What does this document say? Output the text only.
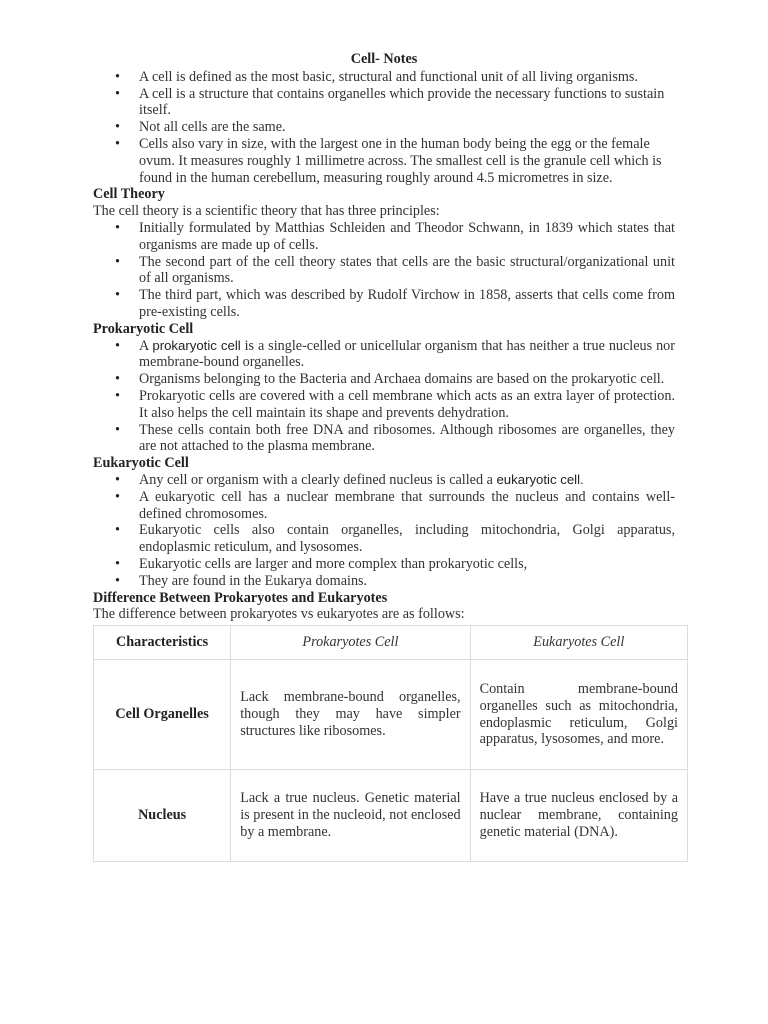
Cell- Notes

• A cell is defined as the most basic, structural and functional unit of all living organisms.
• A cell is a structure that contains organelles which provide the necessary functions to sustain itself.
• Not all cells are the same.
• Cells also vary in size, with the largest one in the human body being the egg or the female ovum. It measures roughly 1 millimetre across. The smallest cell is the granule cell which is found in the human cerebellum, measuring roughly around 4.5 micrometres in size.

Cell Theory

The cell theory is a scientific theory that has three principles:

• Initially formulated by Matthias Schleiden and Theodor Schwann, in 1839 which states that organisms are made up of cells.
• The second part of the cell theory states that cells are the basic structural/organizational unit of all organisms.
• The third part, which was described by Rudolf Virchow in 1858, asserts that cells come from pre-existing cells.

Prokaryotic Cell

• A prokaryotic cell is a single-celled or unicellular organism that has neither a true nucleus nor membrane-bound organelles.
• Organisms belonging to the Bacteria and Archaea domains are based on the prokaryotic cell.
• Prokaryotic cells are covered with a cell membrane which acts as an extra layer of protection. It also helps the cell maintain its shape and prevents dehydration.
• These cells contain both free DNA and ribosomes. Although ribosomes are organelles, they are not attached to the plasma membrane.

Eukaryotic Cell

• Any cell or organism with a clearly defined nucleus is called a eukaryotic cell.
• A eukaryotic cell has a nuclear membrane that surrounds the nucleus and contains well-defined chromosomes.
• Eukaryotic cells also contain organelles, including mitochondria, Golgi apparatus, endoplasmic reticulum, and lysosomes.
• Eukaryotic cells are larger and more complex than prokaryotic cells,
• They are found in the Eukarya domains.

Difference Between Prokaryotes and Eukaryotes

The difference between prokaryotes vs eukaryotes are as follows:

Characteristics	Prokaryotes Cell	Eukaryotes Cell
Cell Organelles	Lack membrane-bound organelles, though they may have simpler structures like ribosomes.	Contain membrane-bound organelles such as mitochondria, endoplasmic reticulum, Golgi apparatus, lysosomes, and more.
Nucleus	Lack a true nucleus. Genetic material is present in the nucleoid, not enclosed by a membrane.	Have a true nucleus enclosed by a nuclear membrane, containing genetic material (DNA).
